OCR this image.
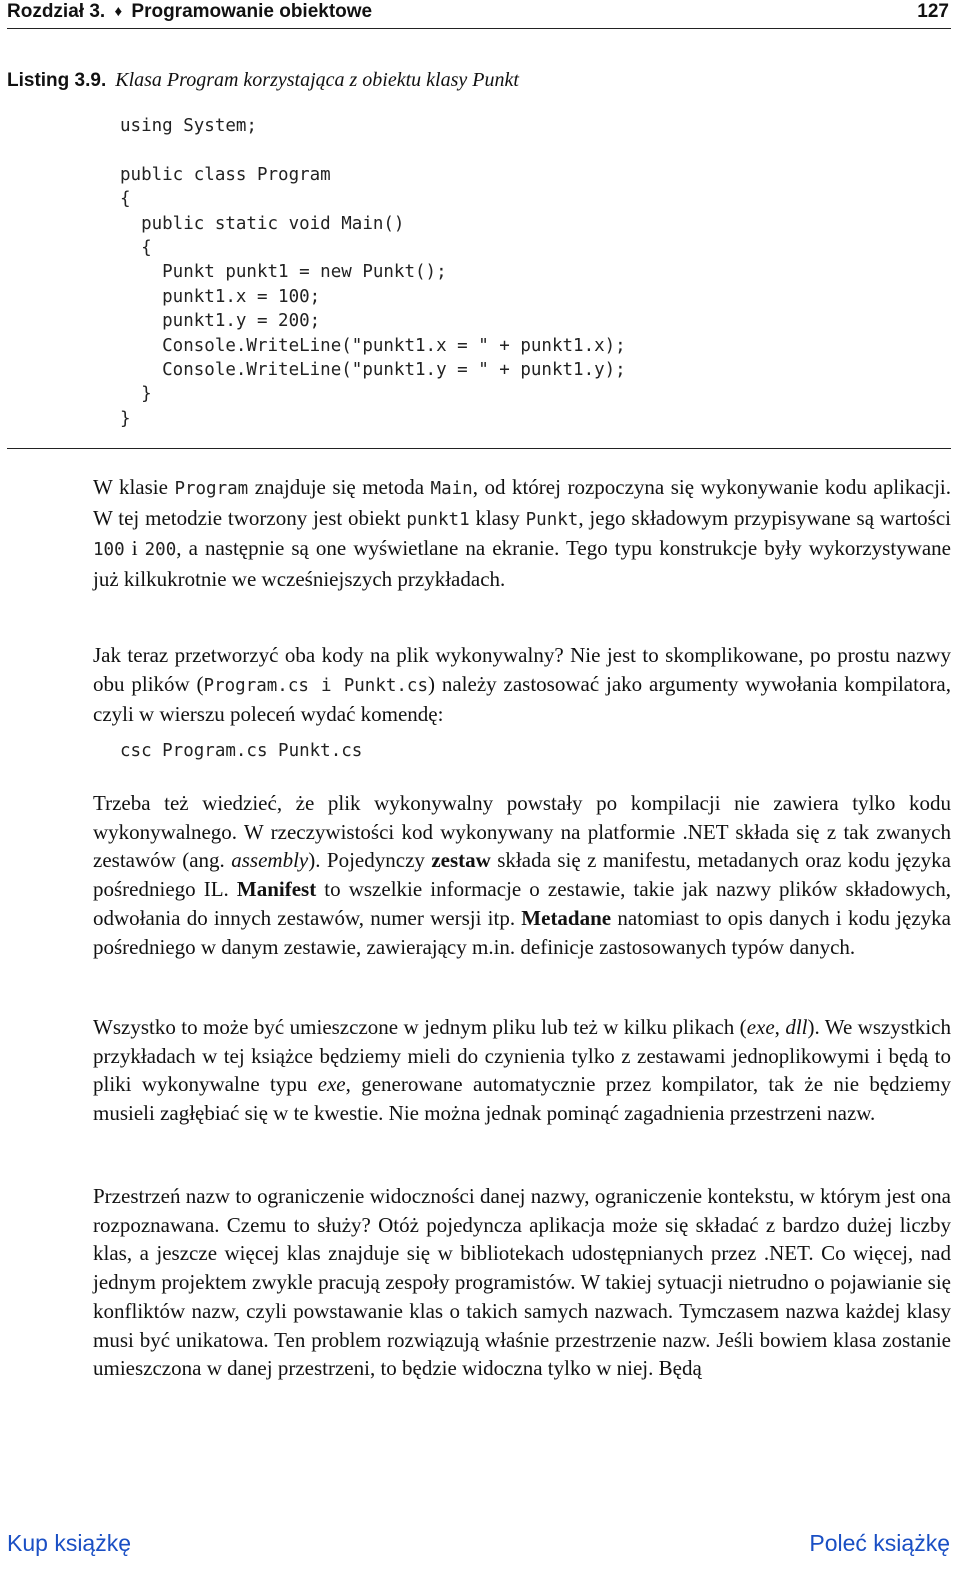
Rozdział 3. ♦ Programowanie obiektowe	127
Listing 3.9. Klasa Program korzystająca z obiektu klasy Punkt
using System;
public class Program
{
public static void Main()
{
Punkt punkt1 = new Punkt();
punkt1.x = 100;
punkt1.y = 200;
Console.WriteLine("punkt1.x = " + punkt1.x);
Console.WriteLine("punkt1.y = " + punkt1.y);
}
}

W klasie Program znajduje się metoda Main, od której rozpoczyna się wykonywanie kodu aplikacji. W tej metodzie tworzony jest obiekt punkt1 klasy Punkt, jego składowym przypisywane są wartości 100 i 200, a następnie są one wyświetlane na ekranie. Tego typu konstrukcje były wykorzystywane już kilkukrotnie we wcześniejszych przykładach.

Jak teraz przetworzyć oba kody na plik wykonywalny? Nie jest to skomplikowane, po prostu nazwy obu plików (Program.cs i Punkt.cs) należy zastosować jako argumenty wywołania kompilatora, czyli w wierszu poleceń wydać komendę:

csc Program.cs Punkt.cs

Trzeba też wiedzieć, że plik wykonywalny powstały po kompilacji nie zawiera tylko kodu wykonywalnego. W rzeczywistości kod wykonywany na platformie .NET składa się z tak zwanych zestawów (ang. assembly). Pojedynczy zestaw składa się z manifestu, metadanych oraz kodu języka pośredniego IL. Manifest to wszelkie informacje o zestawie, takie jak nazwy plików składowych, odwołania do innych zestawów, numer wersji itp. Metadane natomiast to opis danych i kodu języka pośredniego w danym zestawie, zawierający m.in. definicje zastosowanych typów danych.

Wszystko to może być umieszczone w jednym pliku lub też w kilku plikach (exe, dll). We wszystkich przykładach w tej książce będziemy mieli do czynienia tylko z zestawami jednoplikowymi i będą to pliki wykonywalne typu exe, generowane automatycznie przez kompilator, tak że nie będziemy musieli zagłębiać się w te kwestie. Nie można jednak pominąć zagadnienia przestrzeni nazw.

Przestrzeń nazw to ograniczenie widoczności danej nazwy, ograniczenie kontekstu, w którym jest ona rozpoznawana. Czemu to służy? Otóż pojedyncza aplikacja może się składać z bardzo dużej liczby klas, a jeszcze więcej klas znajduje się w bibliotekach udostępnianych przez .NET. Co więcej, nad jednym projektem zwykle pracują zespoły programistów. W takiej sytuacji nietrudno o pojawianie się konfliktów nazw, czyli powstawanie klas o takich samych nazwach. Tymczasem nazwa każdej klasy musi być unikatowa. Ten problem rozwiązują właśnie przestrzenie nazw. Jeśli bowiem klasa zostanie umieszczona w danej przestrzeni, to będzie widoczna tylko w niej. Będą

Kup książkę	Poleć książkę
